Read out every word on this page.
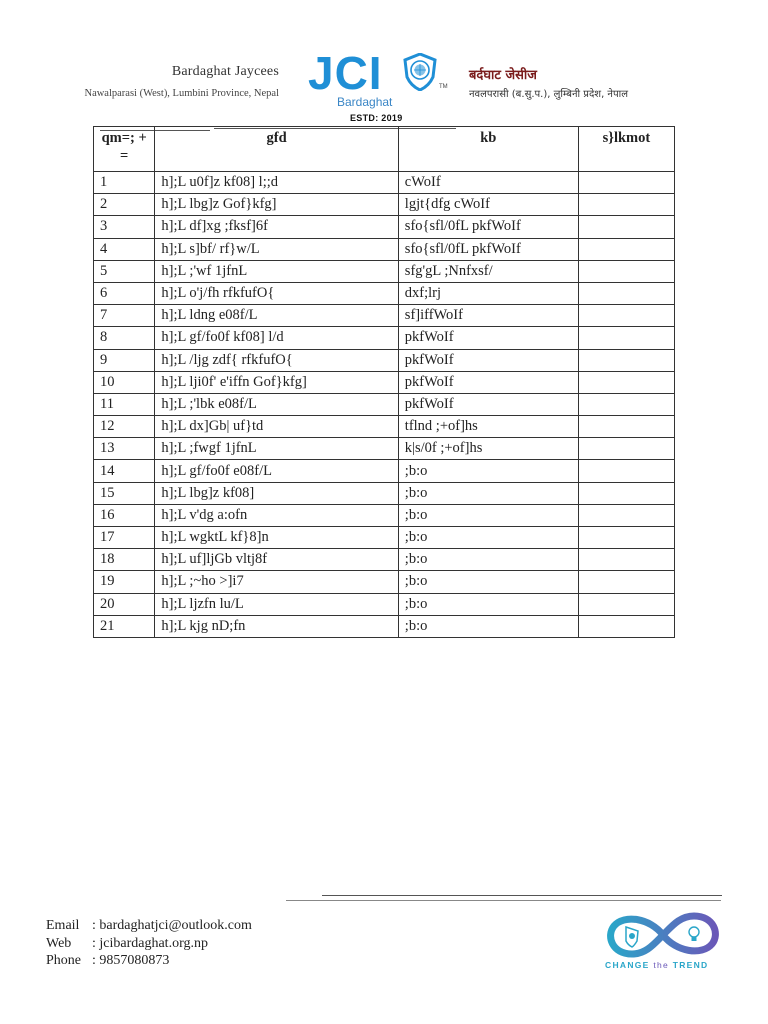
Bardaghat Jaycees
Nawalparasi (West), Lumbini Province, Nepal JCI	TM
Bardaghat
ESTD: 2019
बर्दघाट जेसीज
नवलपरासी (ब.सु.प.), लुम्बिनी प्रदेश, नेपाल
qm=; +=	gfd	kb	s}lkmot
1	h];L u0f]z kf08] l;;d	cWoIf	
2	h];L lbg]z Gof}kfg]	lgjt{dfg cWoIf	
3	h];L df]xg ;fksf]6f	sfo{sfl/0fL pkfWoIf	
4	h];L s]bf/ rf}w/L	sfo{sfl/0fL pkfWoIf	
5	h];L ;'wf 1jfnL	sfg'gL ;Nnfxsf/	
6	h];L o'j/fh rfkfufO{	dxf;lrj	
7	h];L ldng e08f/L	sf]iffWoIf	
8	h];L gf/fo0f kf08] l/d	pkfWoIf	
9	h];L /ljg zdf{ rfkfufO{	pkfWoIf	
10	h];L lji0f' e'iffn Gof}kfg]	pkfWoIf	
11	h];L ;'lbk e08f/L	pkfWoIf	
12	h];L dx]Gb| uf}td	tflnd ;+of]hs	
13	h];L ;fwgf 1jfnL	k|s/0f ;+of]hs	
14	h];L gf/fo0f e08f/L	;b:o	
15	h];L lbg]z kf08]	;b:o	
16	h];L v'dg a:ofn	;b:o	
17	h];L wgktL kf}8]n	;b:o	
18	h];L uf]ljGb vltj8f	;b:o	
19	h];L ;~ho >]i7	;b:o	
20	h];L ljzfn lu/L	;b:o	
21	h];L kjg nD;fn	;b:o	
Email : bardaghatjci@outlook.com
Web : jcibardaghat.org.np
Phone : 9857080873	CHANGE the TREND
